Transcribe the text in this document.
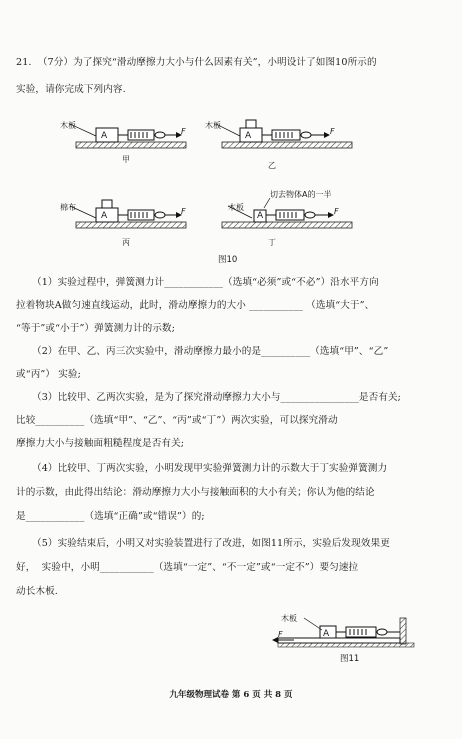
21.  （7分）为了探究“滑动摩擦力大小与什么因素有关”，小明设计了如图10所示的
实验，请你完成下列内容.
木板
A	F
甲
木板
A	F
乙
棉布
A	F
丙
木板
A	F
切去物体A的一半
丁
图10
（1）实验过程中，弹簧测力计____________（选填“必须”或“不必”）沿水平方向
拉着物块A做匀速直线运动，此时，滑动摩擦力的大小 ___________ （选填“大于”、
“等于”或“小于”）弹簧测力计的示数;
（2）在甲、乙、丙三次实验中，滑动摩擦力最小的是__________（选填“甲”、“乙”
或“丙”） 实验;
（3）比较甲、乙两次实验，是为了探究滑动摩擦力大小与________________是否有关;
比较__________（选填“甲”、“乙”、“丙”或“丁”）两次实验，可以探究滑动
摩擦力大小与接触面粗糙程度是否有关;
（4）比较甲、丁两次实验，小明发现甲实验弹簧测力计的示数大于丁实验弹簧测力
计的示数，由此得出结论：滑动摩擦力大小与接触面积的大小有关；你认为他的结论
是____________（选填“正确”或“错误”）的;
（5）实验结束后，小明又对实验装置进行了改进，如图11所示，实验后发现效果更
好，  实验中，小明___________（选填“一定”、“不一定”或“一定不”）要匀速拉
动长木板.
木板
A
F
图11
九年级物理试卷 第 6 页 共 8 页
